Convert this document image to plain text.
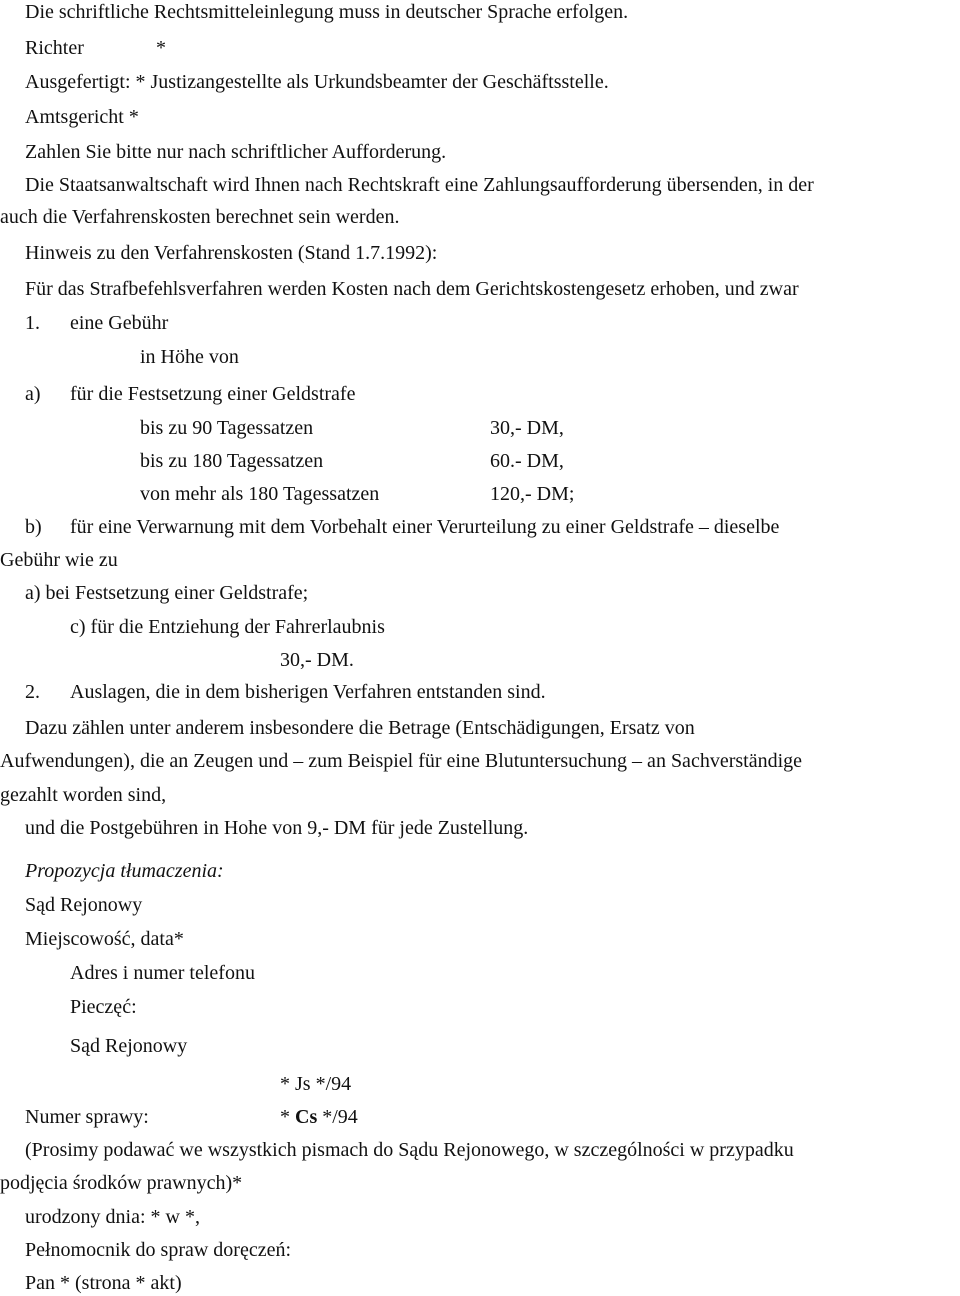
Die schriftliche Rechtsmitteleinlegung muss in deutscher Sprache erfolgen.
Richter	*
Ausgefertigt: * Justizangestellte als Urkundsbeamter der Geschäftsstelle.
Amtsgericht *
Zahlen Sie bitte nur nach schriftlicher Aufforderung.
Die Staatsanwaltschaft wird Ihnen nach Rechtskraft eine Zahlungsaufforderung übersenden, in der
auch die Verfahrenskosten berechnet sein werden.
Hinweis zu den Verfahrenskosten (Stand 1.7.1992):
Für das Strafbefehlsverfahren werden Kosten nach dem Gerichtskostengesetz erhoben, und zwar
1. eine Gebühr
in Höhe von
a) für die Festsetzung einer Geldstrafe
bis zu 90 Tagessatzen	30,- DM,
bis zu 180 Tagessatzen	60.- DM,
von mehr als 180 Tagessatzen	120,- DM;
b) für eine Verwarnung mit dem Vorbehalt einer Verurteilung zu einer Geldstrafe – dieselbe
Gebühr wie zu
a) bei Festsetzung einer Geldstrafe;
c) für die Entziehung der Fahrerlaubnis
30,- DM.
2. Auslagen, die in dem bisherigen Verfahren entstanden sind.
Dazu zählen unter anderem insbesondere die Betrage (Entschädigungen, Ersatz von
Aufwendungen), die an Zeugen und – zum Beispiel für eine Blutuntersuchung – an Sachverständige
gezahlt worden sind,
und die Postgebühren in Hohe von 9,- DM für jede Zustellung.
Propozycja tłumaczenia:
Sąd Rejonowy
Miejscowość, data*
Adres i numer telefonu
Pieczęć:
Sąd Rejonowy
* Js */94
Numer sprawy:	* Cs */94
(Prosimy podawać we wszystkich pismach do Sądu Rejonowego, w szczególności w przypadku
podjęcia środków prawnych)*
urodzony dnia: * w *,
Pełnomocnik do spraw doręczeń:
Pan * (strona * akt)
